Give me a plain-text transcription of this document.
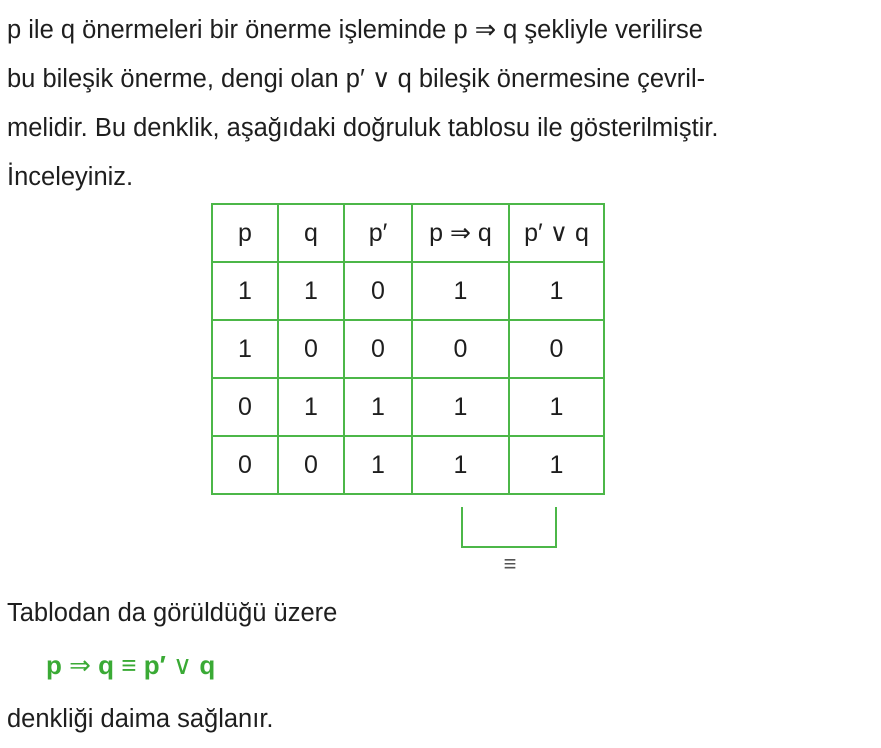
p ile q önermeleri bir önerme işleminde p ⇒ q şekliyle verilirse
bu bileşik önerme, dengi olan p′ ∨ q bileşik önermesine çevril-
melidir. Bu denklik, aşağıdaki doğruluk tablosu ile gösterilmiştir.
İnceleyiniz.

p	q	p′	p ⇒ q	p′ ∨ q
1	1	0	1	1
1	0	0	0	0
0	1	1	1	1
0	0	1	1	1
≡
Tablodan da görüldüğü üzere
p ⇒ q ≡ p′ ∨ q
denkliği daima sağlanır.
